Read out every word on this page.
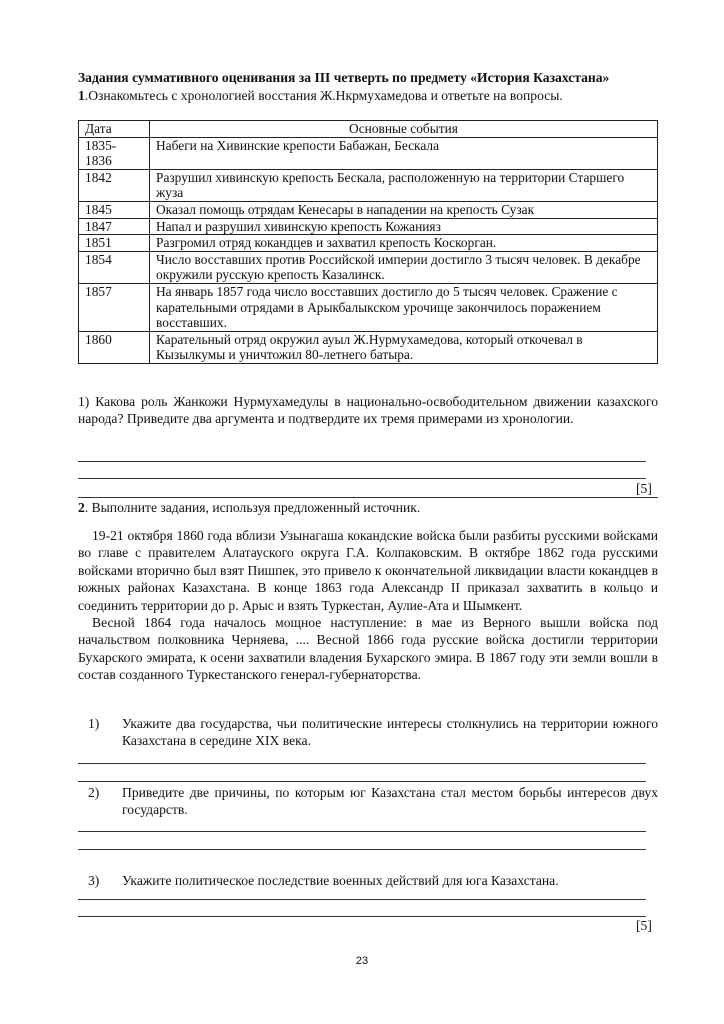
Задания суммативного оценивания за III четверть по предмету «История Казахстана»
1.Ознакомьтесь с хронологией восстания Ж.Нкрмухамедова и ответьте на вопросы.
Дата	Основные события
1835-
1836	Набеги на Хивинские крепости Бабажан, Бескала
1842	Разрушил хивинскую крепость Бескала, расположенную на территории Старшего жуза
1845	Оказал помощь отрядам Кенесары в нападении на крепость Сузак
1847	Напал и разрушил хивинскую крепость Кожанияз
1851	Разгромил отряд кокандцев и захватил крепость Коскорган.
1854	Число восставших против Российской империи достигло 3 тысяч человек. В декабре окружили русскую крепость Казалинск.
1857	На январь 1857 года число восставших достигло до 5 тысяч человек. Сражение с карательными отрядами в Арыкбалыкском урочище закончилось поражением восставших.
1860	Карательный отряд окружил ауыл Ж.Нурмухамедова, который откочевал в Кызылкумы и уничтожил 80-летнего батыра.
1) Какова роль Жанкожи Нурмухамедулы в национально-освободительном движении казахского народа? Приведите два аргумента и подтвердите их тремя примерами из хронологии.
[5]
2. Выполните задания, используя предложенный источник.

19-21 октября 1860 года вблизи Узынагаша кокандские войска были разбиты русскими войсками во главе с правителем Алатауского округа Г.А. Колпаковским. В октябре 1862 года русскими войсками вторично был взят Пишпек, это привело к окончательной ликвидации власти кокандцев в южных районах Казахстана. В конце 1863 года Александр II приказал захватить в кольцо и соединить территории до р. Арыс и взять Туркестан, Аулие-Ата и Шымкент.

Весной 1864 года началось мощное наступление: в мае из Верного вышли войска под начальством полковника Черняева, .... Весной 1866 года русские войска достигли территории Бухарского эмирата, к осени захватили владения Бухарского эмира. В 1867 году эти земли вошли в состав созданного Туркестанского генерал-губернаторства.

1) Укажите два государства, чьи политические интересы столкнулись на территории южного Казахстана в середине XIX века.
2) Приведите две причины, по которым юг Казахстана стал местом борьбы интересов двух государств.
3) Укажите политическое последствие военных действий для юга Казахстана.
[5]
23
